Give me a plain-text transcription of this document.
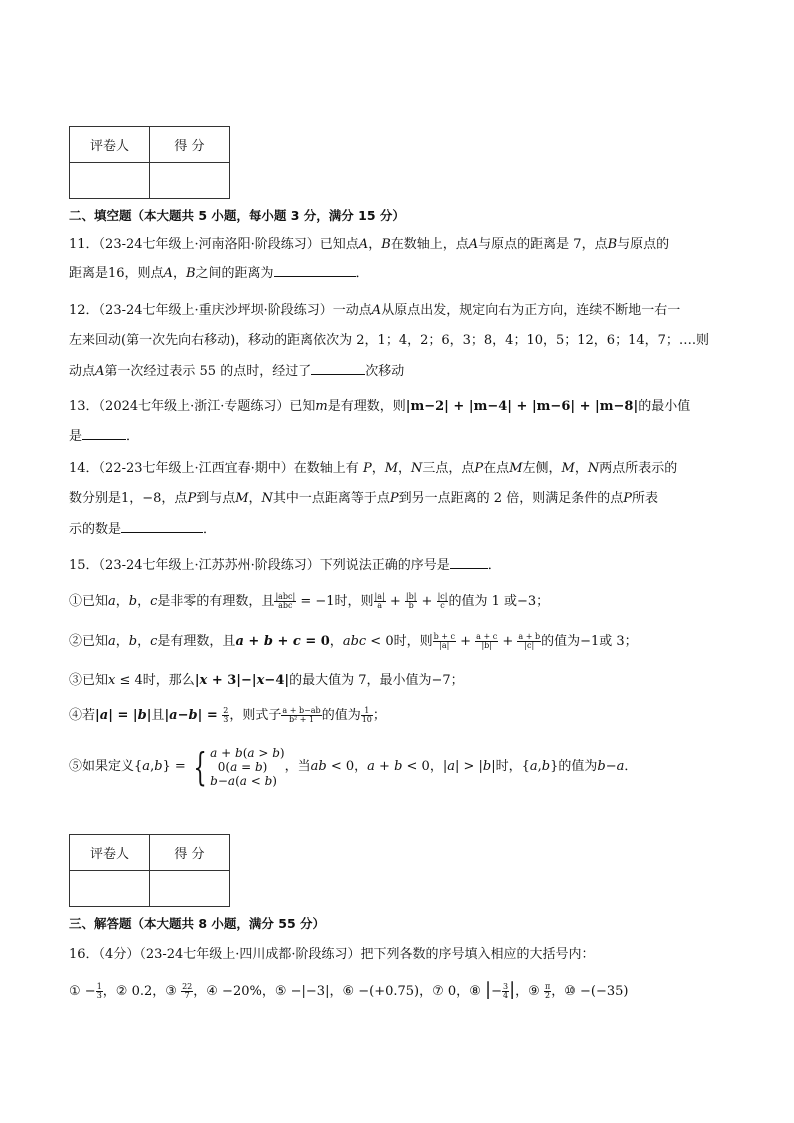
评卷人	得 分

二、填空题（本大题共 5 小题，每小题 3 分，满分 15 分）
11．（23-24七年级上·河南洛阳·阶段练习）已知点A，B在数轴上，点A与原点的距离是 7，点B与原点的
距离是16，则点A，B之间的距离为	．
12．（23-24七年级上·重庆沙坪坝·阶段练习）一动点A从原点出发，规定向右为正方向，连续不断地一右一
左来回动(第一次先向右移动)，移动的距离依次为 2，1；4，2；6，3；8，4；10，5；12，6；14，7；….则
动点A第一次经过表示 55 的点时，经过了	次移动
13．（2024七年级上·浙江·专题练习）已知m是有理数，则|m−2| + |m−4| + |m−6| + |m−8|的最小值
是	．
14．（22-23七年级上·江西宜春·期中）在数轴上有 P，M，N三点，点P在点M左侧，M，N两点所表示的
数分别是1，−8，点P到与点M，N其中一点距离等于点P到另一点距离的 2 倍，则满足条件的点P所表
示的数是	．
15．（23-24七年级上·江苏苏州·阶段练习）下列说法正确的序号是	．
①已知a，b，c是非零的有理数，且 $\frac{\text{|abc|}}{\text{abc}} = -1$时，则 $\frac{|a|}{a} + \frac{|b|}{b} + \frac{|c|}{c}$ 的值为 1 或−3；
②已知a，b，c是有理数，且a + b + c = 0，abc < 0时，则 $\frac{b + c}{|a|} + \frac{a + c}{|b|} + \frac{a + b}{|c|}$ 的值为−1或 3；
③已知x ≤ 4时，那么|x + 3|−|x−4|的最大值为 7，最小值为−7；
④若|a| = |b|且$|a-b| = \frac{2}{3}$ ，则式子 $\frac{a + b-ab}{\text{b² + 1}}$ 的值为 $\frac{1}{10}$ ；
⑤如果定义{a,b} = { a + b(a > b)
0(a = b)
b−a(a < b)，当ab < 0，a + b < 0，|a| > |b|时，{a,b}的值为b−a．
评卷人	得 分

三、解答题（本大题共 8 小题，满分 55 分）
16．（4分）（23-24七年级上·四川成都·阶段练习）把下列各数的序号填入相应的大括号内：
① − $\frac{1}{3}$ ，② 0.2，③ $\frac{22}{7}$ ，④ −20%，⑤ −|−3|，⑥ −(+0.75)，⑦ 0，⑧ |− $\frac{3}{4}$ |，⑨ $\frac{\pi}{2}$ ，⑩ −(−35)
